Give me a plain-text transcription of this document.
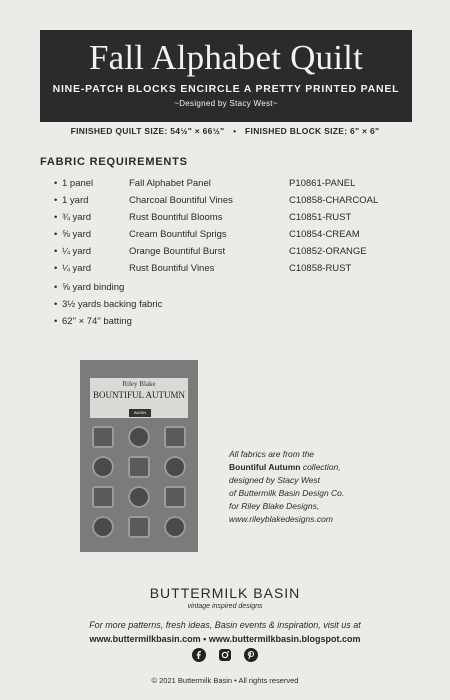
Fall Alphabet Quilt
NINE-PATCH BLOCKS ENCIRCLE A PRETTY PRINTED PANEL
~Designed by Stacy West~
FINISHED QUILT SIZE: 54½" × 66½" • FINISHED BLOCK SIZE: 6" × 6"
FABRIC REQUIREMENTS
• 1 panel	Fall Alphabet Panel	P10861-PANEL
• 1 yard	Charcoal Bountiful Vines	C10858-CHARCOAL
• ¾ yard	Rust Bountiful Blooms	C10851-RUST
• ⅝ yard	Cream Bountiful Sprigs	C10854-CREAM
• ¼ yard	Orange Bountiful Burst	C10852-ORANGE
• ¼ yard	Rust Bountiful Vines	C10858-RUST
• ⅝ yard binding
• 3½ yards backing fabric
• 62" × 74" batting
Riley Blake
BOUNTIFUL AUTUMN
BASIN
All fabrics are from the
Bountiful Autumn collection,
designed by Stacy West
of Buttermilk Basin Design Co.
for Riley Blake Designs,
www.rileyblakedesigns.com
BUTTERMILK BASIN
vintage inspired designs
For more patterns, fresh ideas, Basin events & inspiration, visit us at
www.buttermilkbasin.com • www.buttermilkbasin.blogspot.com

© 2021 Buttermilk Basin • All rights reserved
